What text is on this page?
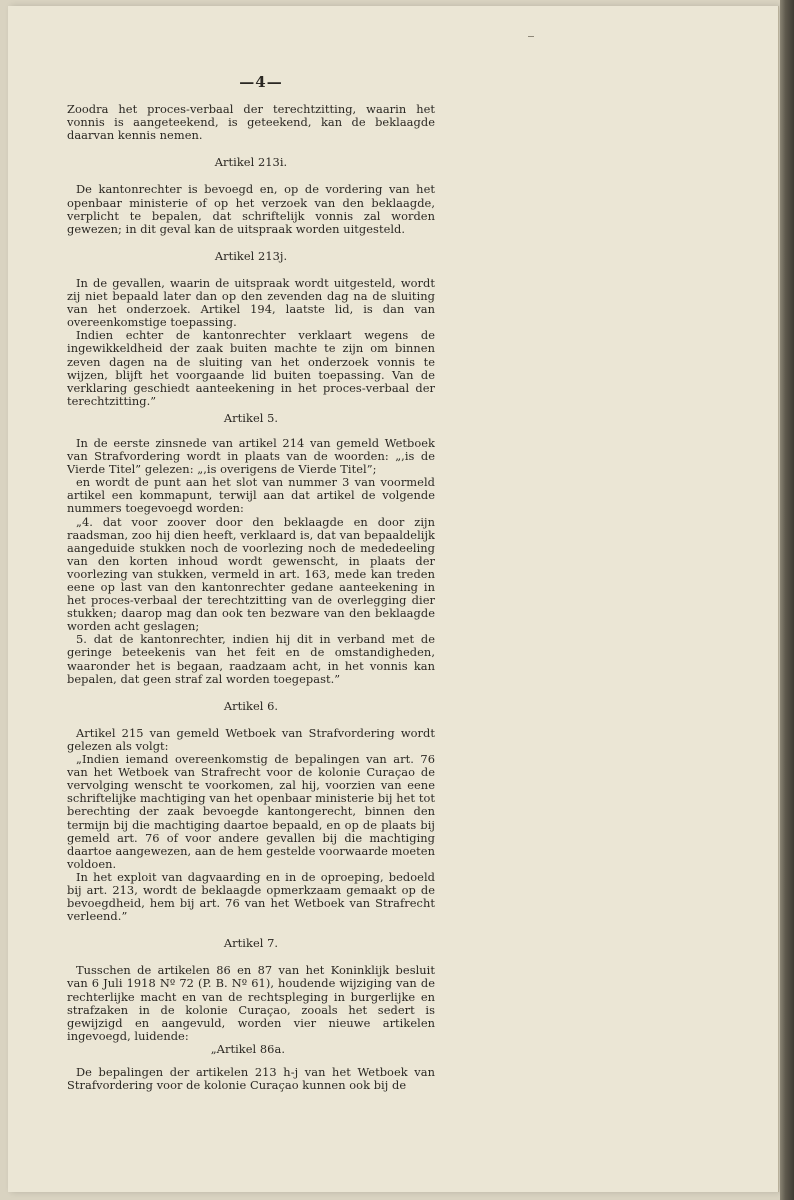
—4—

Zoodra het proces-verbaal der terechtzitting, waarin het vonnis is aangeteekend, is geteekend, kan de beklaagde daarvan kennis nemen.

Artikel 213i.

De kantonrechter is bevoegd en, op de vordering van het openbaar ministerie of op het verzoek van den beklaagde, verplicht te bepalen, dat schriftelijk vonnis zal worden gewezen; in dit geval kan de uitspraak worden uitgesteld.

Artikel 213j.

In de gevallen, waarin de uitspraak wordt uitgesteld, wordt zij niet bepaald later dan op den zevenden dag na de sluiting van het onderzoek. Artikel 194, laatste lid, is dan van overeenkomstige toepassing.

Indien echter de kantonrechter verklaart wegens de ingewikkeldheid der zaak buiten machte te zijn om binnen zeven dagen na de sluiting van het onderzoek vonnis te wijzen, blijft het voorgaande lid buiten toepassing. Van de verklaring geschiedt aanteekening in het proces-verbaal der terechtzitting.”

Artikel 5.

In de eerste zinsnede van artikel 214 van gemeld Wetboek van Strafvordering wordt in plaats van de woorden: „,is de Vierde Titel” gelezen: „,is overigens de Vierde Titel”;

en wordt de punt aan het slot van nummer 3 van voormeld artikel een kommapunt, terwijl aan dat artikel de volgende nummers toegevoegd worden:

„4. dat voor zoover door den beklaagde en door zijn raadsman, zoo hij dien heeft, verklaard is, dat van bepaaldelijk aangeduide stukken noch de voorlezing noch de mededeeling van den korten inhoud wordt gewenscht, in plaats der voorlezing van stukken, vermeld in art. 163, mede kan treden eene op last van den kantonrechter gedane aanteekening in het proces-verbaal der terechtzitting van de overlegging dier stukken; daarop mag dan ook ten bezware van den beklaagde worden acht geslagen;

5. dat de kantonrechter, indien hij dit in verband met de geringe beteekenis van het feit en de omstandigheden, waaronder het is begaan, raadzaam acht, in het vonnis kan bepalen, dat geen straf zal worden toegepast.”

Artikel 6.

Artikel 215 van gemeld Wetboek van Strafvordering wordt gelezen als volgt:

„Indien iemand overeenkomstig de bepalingen van art. 76 van het Wetboek van Strafrecht voor de kolonie Curaçao de vervolging wenscht te voorkomen, zal hij, voorzien van eene schriftelijke machtiging van het openbaar ministerie bij het tot berechting der zaak bevoegde kantongerecht, binnen den termijn bij die machtiging daartoe bepaald, en op de plaats bij gemeld art. 76 of voor andere gevallen bij die machtiging daartoe aangewezen, aan de hem gestelde voorwaarde moeten voldoen.

In het exploit van dagvaarding en in de oproeping, bedoeld bij art. 213, wordt de beklaagde opmerkzaam gemaakt op de bevoegdheid, hem bij art. 76 van het Wetboek van Strafrecht verleend.”

Artikel 7.

Tusschen de artikelen 86 en 87 van het Koninklijk besluit van 6 Juli 1918 Nº 72 (P. B. Nº 61), houdende wijziging van de rechterlijke macht en van de rechtspleging in burgerlijke en strafzaken in de kolonie Curaçao, zooals het sedert is gewijzigd en aangevuld, worden vier nieuwe artikelen ingevoegd, luidende:

„Artikel 86a.

De bepalingen der artikelen 213 h-j van het Wetboek van Strafvordering voor de kolonie Curaçao kunnen ook bij de
